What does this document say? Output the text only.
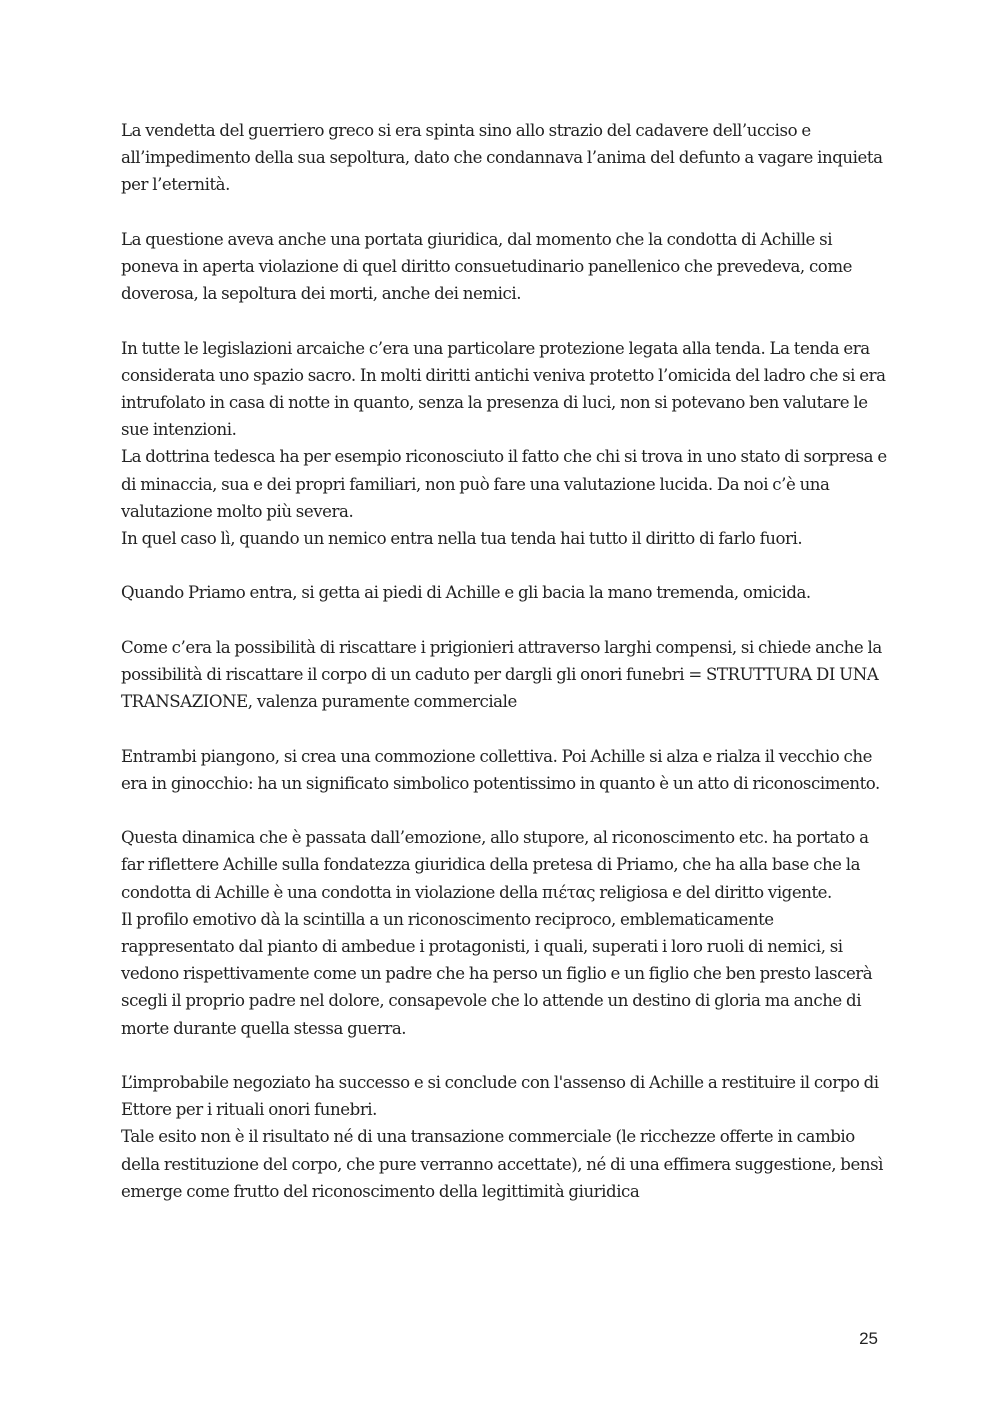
La vendetta del guerriero greco si era spinta sino allo strazio del cadavere dell’ucciso e all’impedimento della sua sepoltura, dato che condannava l’anima del defunto a vagare inquieta per l’eternità.

La questione aveva anche una portata giuridica, dal momento che la condotta di Achille si poneva in aperta violazione di quel diritto consuetudinario panellenico che prevedeva, come doverosa, la sepoltura dei morti, anche dei nemici.

In tutte le legislazioni arcaiche c’era una particolare protezione legata alla tenda. La tenda era considerata uno spazio sacro. In molti diritti antichi veniva protetto l’omicida del ladro che si era intrufolato in casa di notte in quanto, senza la presenza di luci, non si potevano ben valutare le sue intenzioni.

La dottrina tedesca ha per esempio riconosciuto il fatto che chi si trova in uno stato di sorpresa e di minaccia, sua e dei propri familiari, non può fare una valutazione lucida. Da noi c’è una valutazione molto più severa.

In quel caso lì, quando un nemico entra nella tua tenda hai tutto il diritto di farlo fuori.

Quando Priamo entra, si getta ai piedi di Achille e gli bacia la mano tremenda, omicida.

Come c’era la possibilità di riscattare i prigionieri attraverso larghi compensi, si chiede anche la possibilità di riscattare il corpo di un caduto per dargli gli onori funebri = STRUTTURA DI UNA TRANSAZIONE, valenza puramente commerciale

Entrambi piangono, si crea una commozione collettiva. Poi Achille si alza e rialza il vecchio che era in ginocchio: ha un significato simbolico potentissimo in quanto è un atto di riconoscimento.

Questa dinamica che è passata dall’emozione, allo stupore, al riconoscimento etc. ha portato a far riflettere Achille sulla fondatezza giuridica della pretesa di Priamo, che ha alla base che la condotta di Achille è una condotta in violazione della πιέτας religiosa e del diritto vigente.

Il profilo emotivo dà la scintilla a un riconoscimento reciproco, emblematicamente rappresentato dal pianto di ambedue i protagonisti, i quali, superati i loro ruoli di nemici, si vedono rispettivamente come un padre che ha perso un figlio e un figlio che ben presto lascerà scegli il proprio padre nel dolore, consapevole che lo attende un destino di gloria ma anche di morte durante quella stessa guerra.

L’improbabile negoziato ha successo e si conclude con l'assenso di Achille a restituire il corpo di Ettore per i rituali onori funebri.

Tale esito non è il risultato né di una transazione commerciale (le ricchezze offerte in cambio della restituzione del corpo, che pure verranno accettate), né di una effimera suggestione, bensì emerge come frutto del riconoscimento della legittimità giuridica

25
